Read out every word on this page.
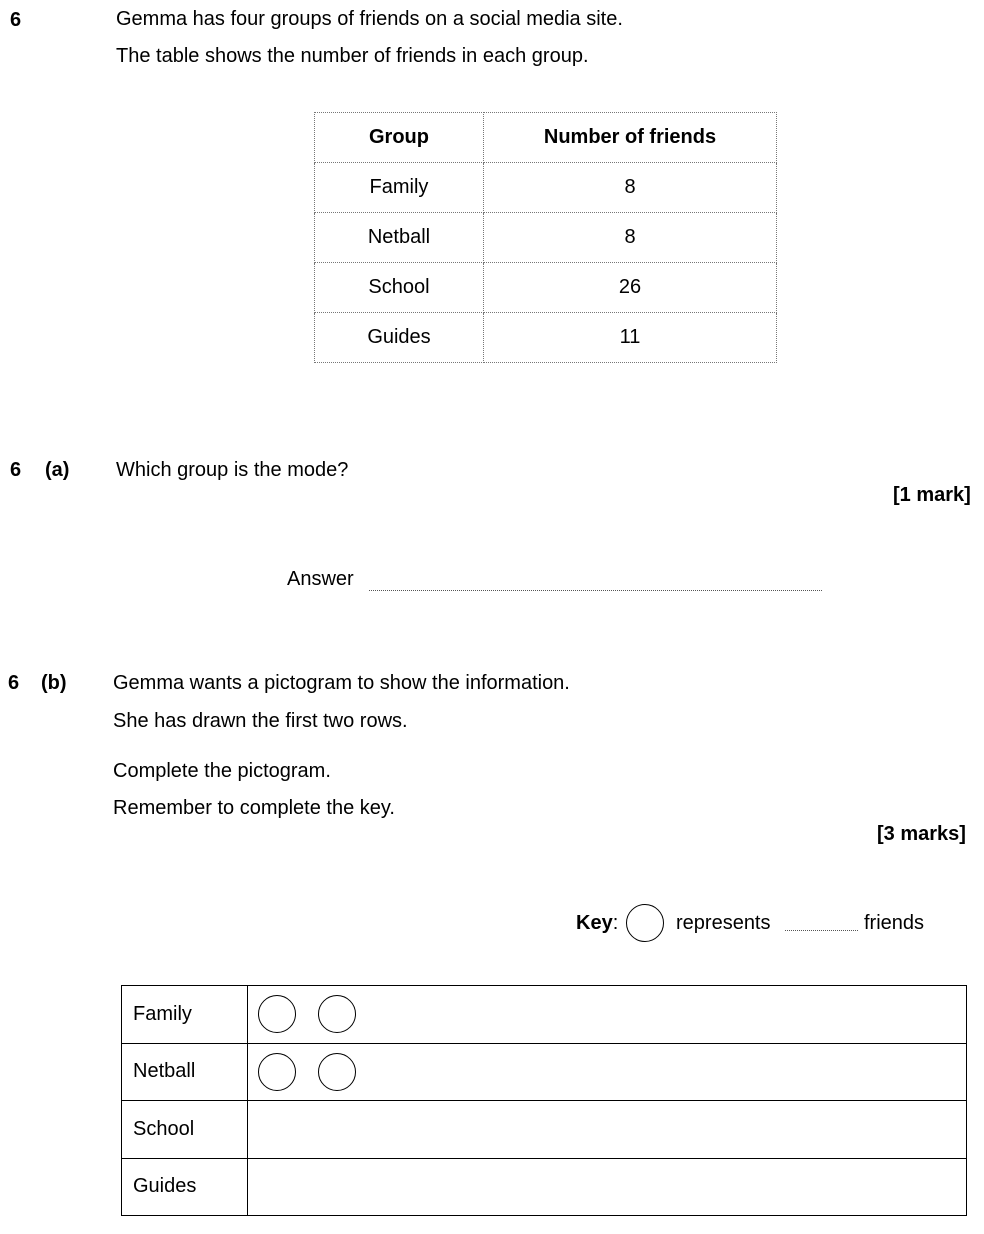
6	Gemma has four groups of friends on a social media site.
The table shows the number of friends in each group.
Group	Number of friends
Family	8
Netball	8
School	26
Guides	11
6 (a) Which group is the mode?
[1 mark]
Answer
6 (b) Gemma wants a pictogram to show the information.
She has drawn the first two rows.
Complete the pictogram.
Remember to complete the key.
[3 marks]
Key:	represents	friends
Family	
Netball	
School	
Guides	
